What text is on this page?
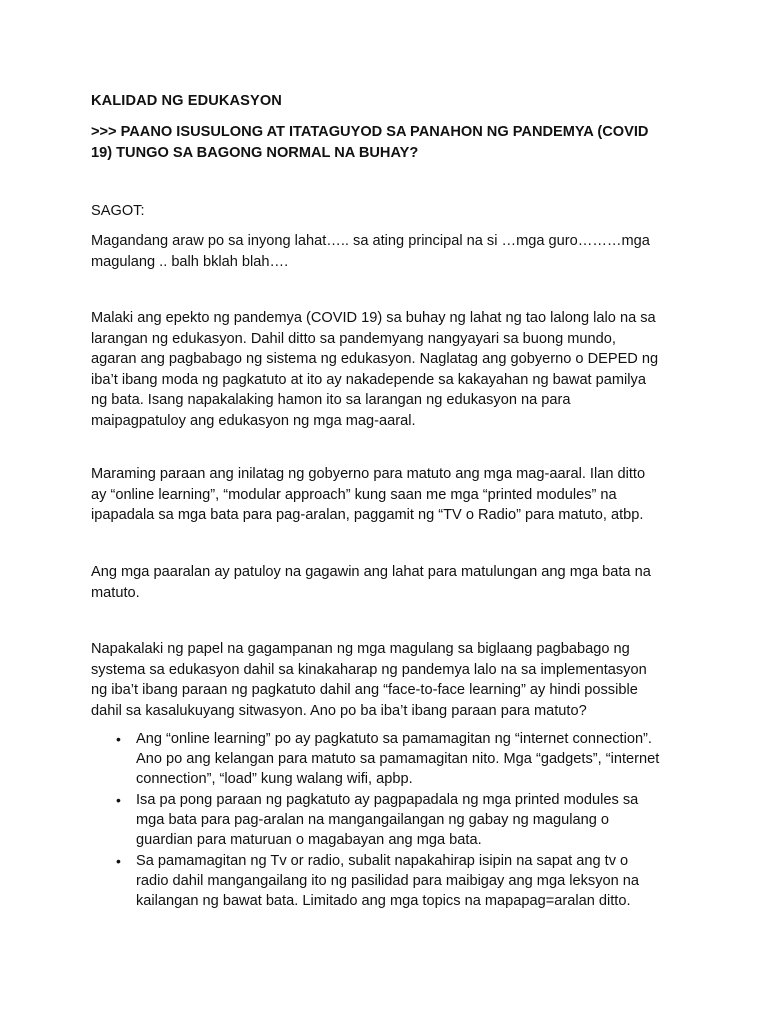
KALIDAD NG EDUKASYON
>>> PAANO ISUSULONG AT ITATAGUYOD SA PANAHON NG PANDEMYA (COVID
19) TUNGO SA BAGONG NORMAL NA BUHAY?
SAGOT:
Magandang araw po sa inyong lahat….. sa ating principal na si …mga guro………mga
magulang .. balh bklah blah….
Malaki ang epekto ng pandemya (COVID 19) sa buhay ng lahat ng tao lalong lalo na sa
larangan ng edukasyon. Dahil ditto sa pandemyang nangyayari sa buong mundo,
agaran ang pagbabago ng sistema ng edukasyon. Naglatag ang gobyerno o DEPED ng
iba’t ibang moda ng pagkatuto at ito ay nakadepende sa kakayahan ng bawat pamilya
ng bata. Isang napakalaking hamon ito sa larangan ng edukasyon na para
maipagpatuloy ang edukasyon ng mga mag-aaral.
Maraming paraan ang inilatag ng gobyerno para matuto ang mga mag-aaral. Ilan ditto
ay “online learning”, “modular approach” kung saan me mga “printed modules” na
ipapadala sa mga bata para pag-aralan, paggamit ng “TV o Radio” para matuto, atbp.
Ang mga paaralan ay patuloy na gagawin ang lahat para matulungan ang mga bata na
matuto.
Napakalaki ng papel na gagampanan ng mga magulang sa biglaang pagbabago ng
systema sa edukasyon dahil sa kinakaharap ng pandemya lalo na sa implementasyon
ng iba’t ibang paraan ng pagkatuto dahil ang “face-to-face learning” ay hindi possible
dahil sa kasalukuyang sitwasyon. Ano po ba iba’t ibang paraan para matuto?
• Ang “online learning” po ay pagkatuto sa pamamagitan ng “internet connection”.
Ano po ang kelangan para matuto sa pamamagitan nito. Mga “gadgets”, “internet
connection”, “load” kung walang wifi, apbp.
• Isa pa pong paraan ng pagkatuto ay pagpapadala ng mga printed modules sa
mga bata para pag-aralan na mangangailangan ng gabay ng magulang o
guardian para maturuan o magabayan ang mga bata.
• Sa pamamagitan ng Tv or radio, subalit napakahirap isipin na sapat ang tv o
radio dahil mangangailang ito ng pasilidad para maibigay ang mga leksyon na
kailangan ng bawat bata. Limitado ang mga topics na mapapag=aralan ditto.
